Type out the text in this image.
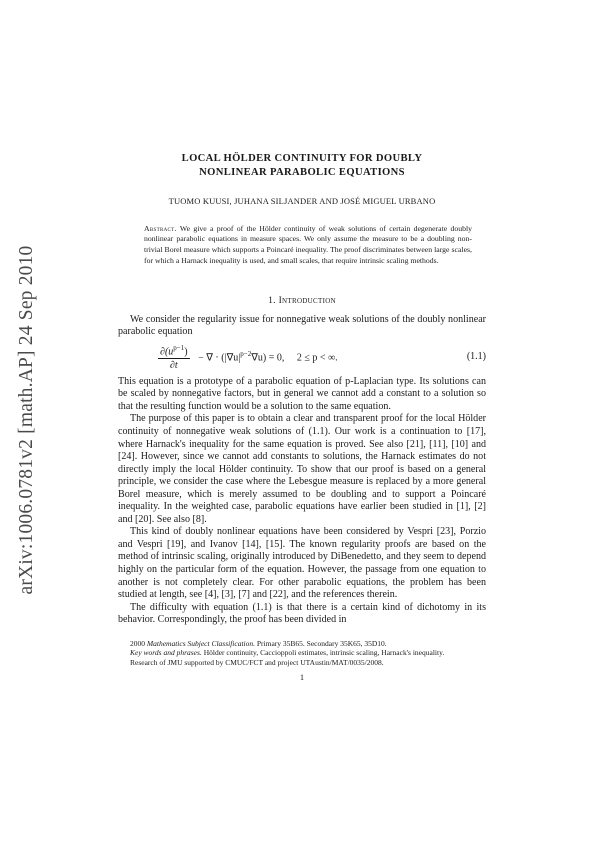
arXiv:1006.0781v2 [math.AP] 24 Sep 2010
LOCAL HÖLDER CONTINUITY FOR DOUBLY
NONLINEAR PARABOLIC EQUATIONS
TUOMO KUUSI, JUHANA SILJANDER AND JOSÉ MIGUEL URBANO
Abstract. We give a proof of the Hölder continuity of weak solutions of certain degenerate doubly nonlinear parabolic equations in measure spaces. We only assume the measure to be a doubling non-trivial Borel measure which supports a Poincaré inequality. The proof discriminates between large scales, for which a Harnack inequality is used, and small scales, that require intrinsic scaling methods.
1. Introduction

We consider the regularity issue for nonnegative weak solutions of the doubly nonlinear parabolic equation

$\frac{\partial(u^{p-1})}{\partial t}$ − ∇ · $(|\nabla u|^{p-2}\nabla u) = 0$,     2 ≤ p < ∞.	(1.1)

This equation is a prototype of a parabolic equation of p-Laplacian type. Its solutions can be scaled by nonnegative factors, but in general we cannot add a constant to a solution so that the resulting function would be a solution to the same equation.

The purpose of this paper is to obtain a clear and transparent proof for the local Hölder continuity of nonnegative weak solutions of (1.1). Our work is a continuation to [17], where Harnack's inequality for the same equation is proved. See also [21], [11], [10] and [24]. However, since we cannot add constants to solutions, the Harnack estimates do not directly imply the local Hölder continuity. To show that our proof is based on a general principle, we consider the case where the Lebesgue measure is replaced by a more general Borel measure, which is merely assumed to be doubling and to support a Poincaré inequality. In the weighted case, parabolic equations have earlier been studied in [1], [2] and [20]. See also [8].

This kind of doubly nonlinear equations have been considered by Vespri [23], Porzio and Vespri [19], and Ivanov [14], [15]. The known regularity proofs are based on the method of intrinsic scaling, originally introduced by DiBenedetto, and they seem to depend highly on the particular form of the equation. However, the passage from one equation to another is not completely clear. For other parabolic equations, the problem has been studied at length, see [4], [3], [7] and [22], and the references therein.

The difficulty with equation (1.1) is that there is a certain kind of dichotomy in its behavior. Correspondingly, the proof has been divided in

2000 Mathematics Subject Classification. Primary 35B65. Secondary 35K65, 35D10.

Key words and phrases. Hölder continuity, Caccioppoli estimates, intrinsic scaling, Harnack's inequality.

Research of JMU supported by CMUC/FCT and project UTAustin/MAT/0035/2008.

1
